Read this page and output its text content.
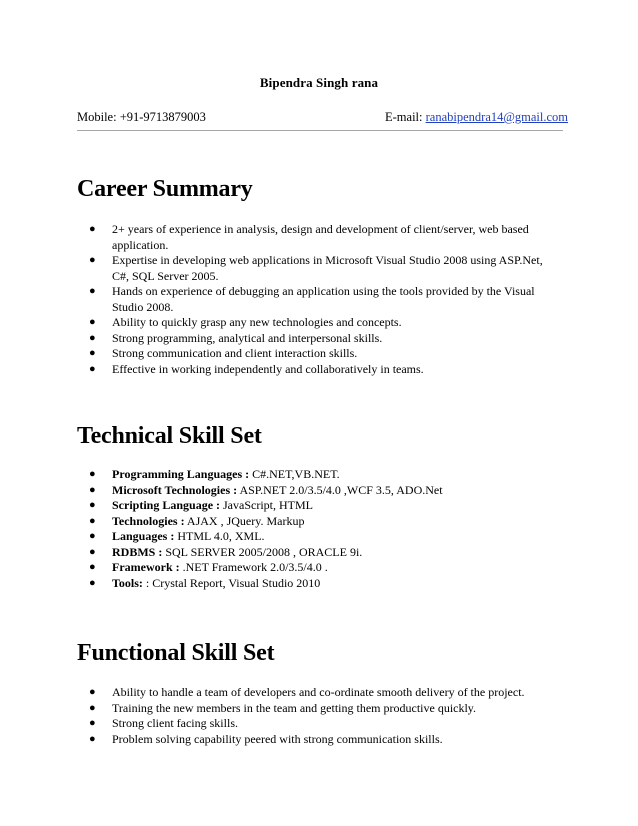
Bipendra Singh rana
Mobile: +91-9713879003	E-mail: ranabipendra14@gmail.com
Career Summary
● 2+ years of experience in analysis, design and development of client/server, web based application.
● Expertise in developing web applications in Microsoft Visual Studio 2008 using ASP.Net, C#, SQL Server 2005.
● Hands on experience of debugging an application using the tools provided by the Visual Studio 2008.
● Ability to quickly grasp any new technologies and concepts.
● Strong programming, analytical and interpersonal skills.
● Strong communication and client interaction skills.
● Effective in working independently and collaboratively in teams.
Technical Skill Set
● Programming Languages : C#.NET,VB.NET.
● Microsoft Technologies : ASP.NET 2.0/3.5/4.0 ,WCF 3.5, ADO.Net
● Scripting Language : JavaScript, HTML
● Technologies : AJAX , JQuery. Markup
● Languages : HTML 4.0, XML.
● RDBMS : SQL SERVER 2005/2008 , ORACLE 9i.
● Framework : .NET Framework 2.0/3.5/4.0 .
● Tools: : Crystal Report, Visual Studio 2010
Functional Skill Set
● Ability to handle a team of developers and co-ordinate smooth delivery of the project.
● Training the new members in the team and getting them productive quickly.
● Strong client facing skills.
● Problem solving capability peered with strong communication skills.
